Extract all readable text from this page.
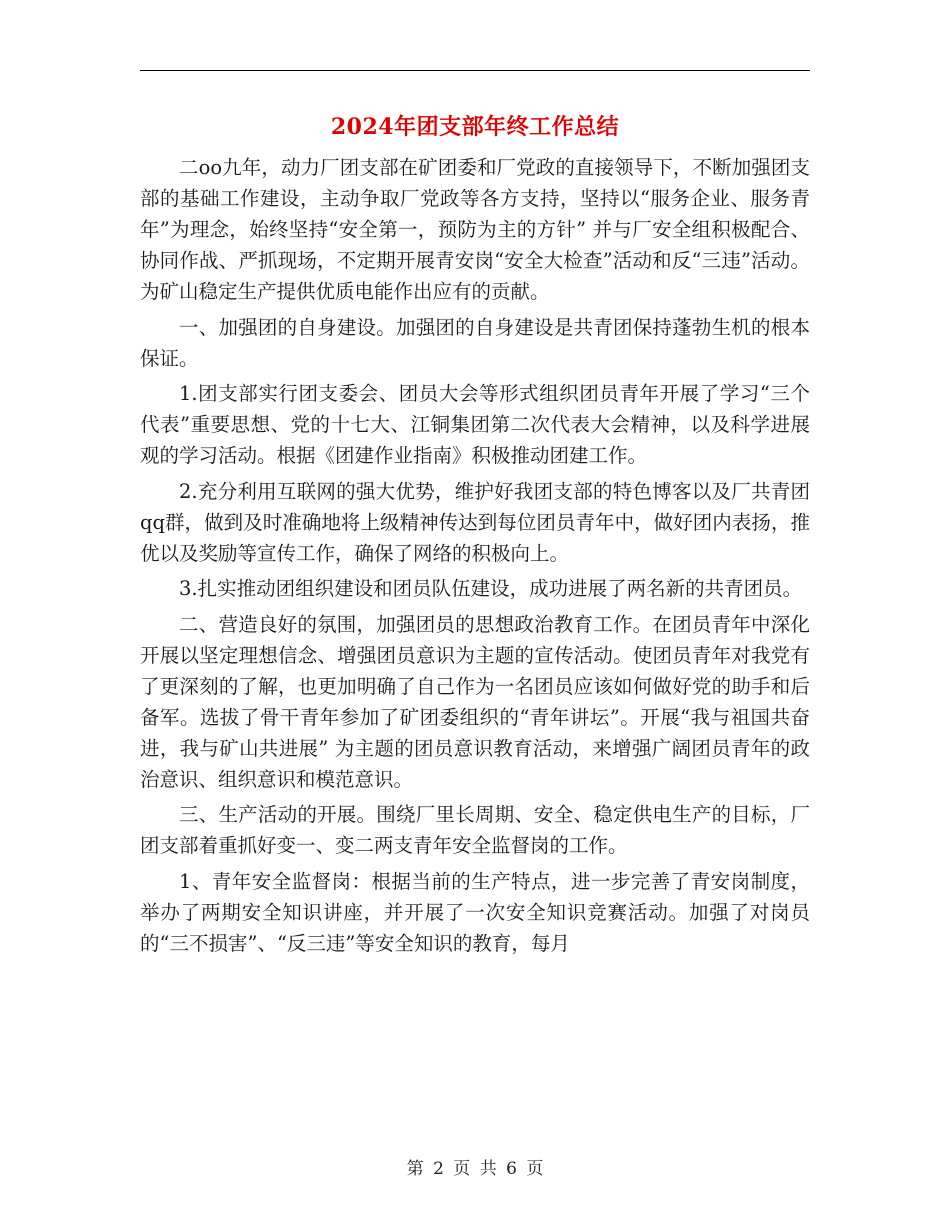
2024年团支部年终工作总结

二oo九年，动力厂团支部在矿团委和厂党政的直接领导下，不断加强团支部的基础工作建设，主动争取厂党政等各方支持，坚持以“服务企业、服务青年”为理念，始终坚持“安全第一，预防为主的方针” 并与厂安全组积极配合、协同作战、严抓现场，不定期开展青安岗“安全大检查”活动和反“三违”活动。为矿山稳定生产提供优质电能作出应有的贡献。

一、加强团的自身建设。加强团的自身建设是共青团保持蓬勃生机的根本保证。

1.团支部实行团支委会、团员大会等形式组织团员青年开展了学习“三个代表”重要思想、党的十七大、江铜集团第二次代表大会精神，以及科学进展观的学习活动。根据《团建作业指南》积极推动团建工作。

2.充分利用互联网的强大优势，维护好我团支部的特色博客以及厂共青团qq群，做到及时准确地将上级精神传达到每位团员青年中，做好团内表扬，推优以及奖励等宣传工作，确保了网络的积极向上。

3.扎实推动团组织建设和团员队伍建设，成功进展了两名新的共青团员。

二、营造良好的氛围，加强团员的思想政治教育工作。在团员青年中深化开展以坚定理想信念、增强团员意识为主题的宣传活动。使团员青年对我党有了更深刻的了解，也更加明确了自己作为一名团员应该如何做好党的助手和后备军。选拔了骨干青年参加了矿团委组织的“青年讲坛”。开展“我与祖国共奋进，我与矿山共进展” 为主题的团员意识教育活动，来增强广阔团员青年的政治意识、组织意识和模范意识。

三、生产活动的开展。围绕厂里长周期、安全、稳定供电生产的目标，厂团支部着重抓好变一、变二两支青年安全监督岗的工作。

1、青年安全监督岗：根据当前的生产特点，进一步完善了青安岗制度，举办了两期安全知识讲座，并开展了一次安全知识竞赛活动。加强了对岗员的“三不损害”、“反三违”等安全知识的教育，每月

第 2 页 共 6 页
